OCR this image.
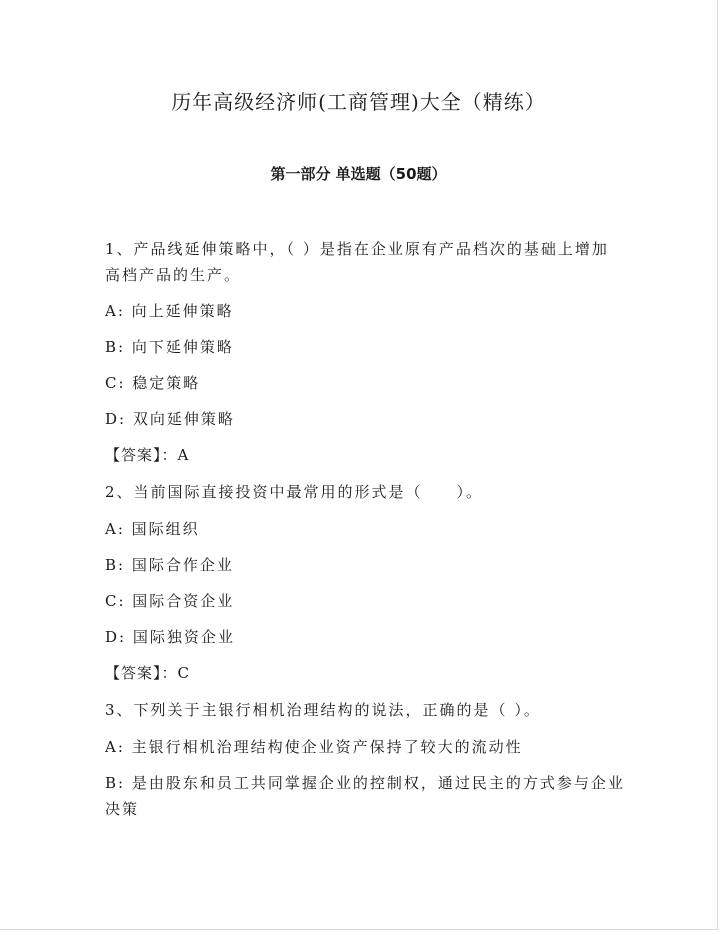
历年高级经济师(工商管理)大全（精练）
第一部分 单选题（50题）
1、产品线延伸策略中，（ ）是指在企业原有产品档次的基础上增加
高档产品的生产。
A: 向上延伸策略
B: 向下延伸策略
C: 稳定策略
D: 双向延伸策略
【答案】：A
2、当前国际直接投资中最常用的形式是（　　）。
A: 国际组织
B: 国际合作企业
C: 国际合资企业
D: 国际独资企业
【答案】：C
3、下列关于主银行相机治理结构的说法，正确的是（ ）。
A: 主银行相机治理结构使企业资产保持了较大的流动性
B: 是由股东和员工共同掌握企业的控制权，通过民主的方式参与企业
决策
